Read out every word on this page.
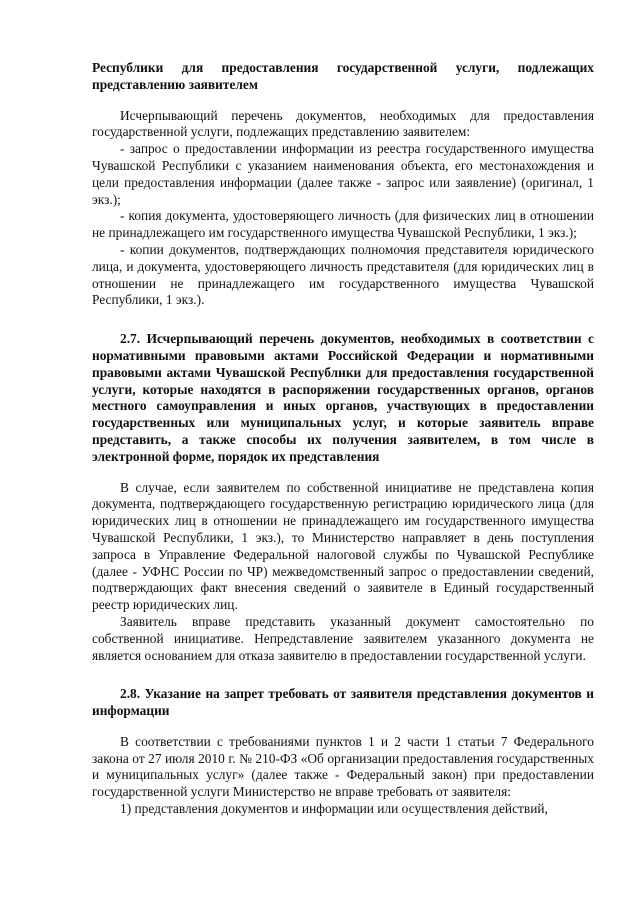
Республики для предоставления государственной услуги, подлежащих представлению заявителем

Исчерпывающий перечень документов, необходимых для предоставления государственной услуги, подлежащих представлению заявителем:

- запрос о предоставлении информации из реестра государственного имущества Чувашской Республики с указанием наименования объекта, его местонахождения и цели предоставления информации (далее также - запрос или заявление) (оригинал, 1 экз.);

- копия документа, удостоверяющего личность (для физических лиц в отношении не принадлежащего им государственного имущества Чувашской Республики, 1 экз.);

- копии документов, подтверждающих полномочия представителя юридического лица, и документа, удостоверяющего личность представителя (для юридических лиц в отношении не принадлежащего им государственного имущества Чувашской Республики, 1 экз.).

2.7. Исчерпывающий перечень документов, необходимых в соответствии с нормативными правовыми актами Российской Федерации и нормативными правовыми актами Чувашской Республики для предоставления государственной услуги, которые находятся в распоряжении государственных органов, органов местного самоуправления и иных органов, участвующих в предоставлении государственных или муниципальных услуг, и которые заявитель вправе представить, а также способы их получения заявителем, в том числе в электронной форме, порядок их представления

В случае, если заявителем по собственной инициативе не представлена копия документа, подтверждающего государственную регистрацию юридического лица (для юридических лиц в отношении не принадлежащего им государственного имущества Чувашской Республики, 1 экз.), то Министерство направляет в день поступления запроса в Управление Федеральной налоговой службы по Чувашской Республике (далее - УФНС России по ЧР) межведомственный запрос о предоставлении сведений, подтверждающих факт внесения сведений о заявителе в Единый государственный реестр юридических лиц.

Заявитель вправе представить указанный документ самостоятельно по собственной инициативе. Непредставление заявителем указанного документа не является основанием для отказа заявителю в предоставлении государственной услуги.

2.8. Указание на запрет требовать от заявителя представления документов и информации

В соответствии с требованиями пунктов 1 и 2 части 1 статьи 7 Федерального закона от 27 июля 2010 г. № 210-ФЗ «Об организации предоставления государственных и муниципальных услуг» (далее также - Федеральный закон) при предоставлении государственной услуги Министерство не вправе требовать от заявителя:

1) представления документов и информации или осуществления действий,
